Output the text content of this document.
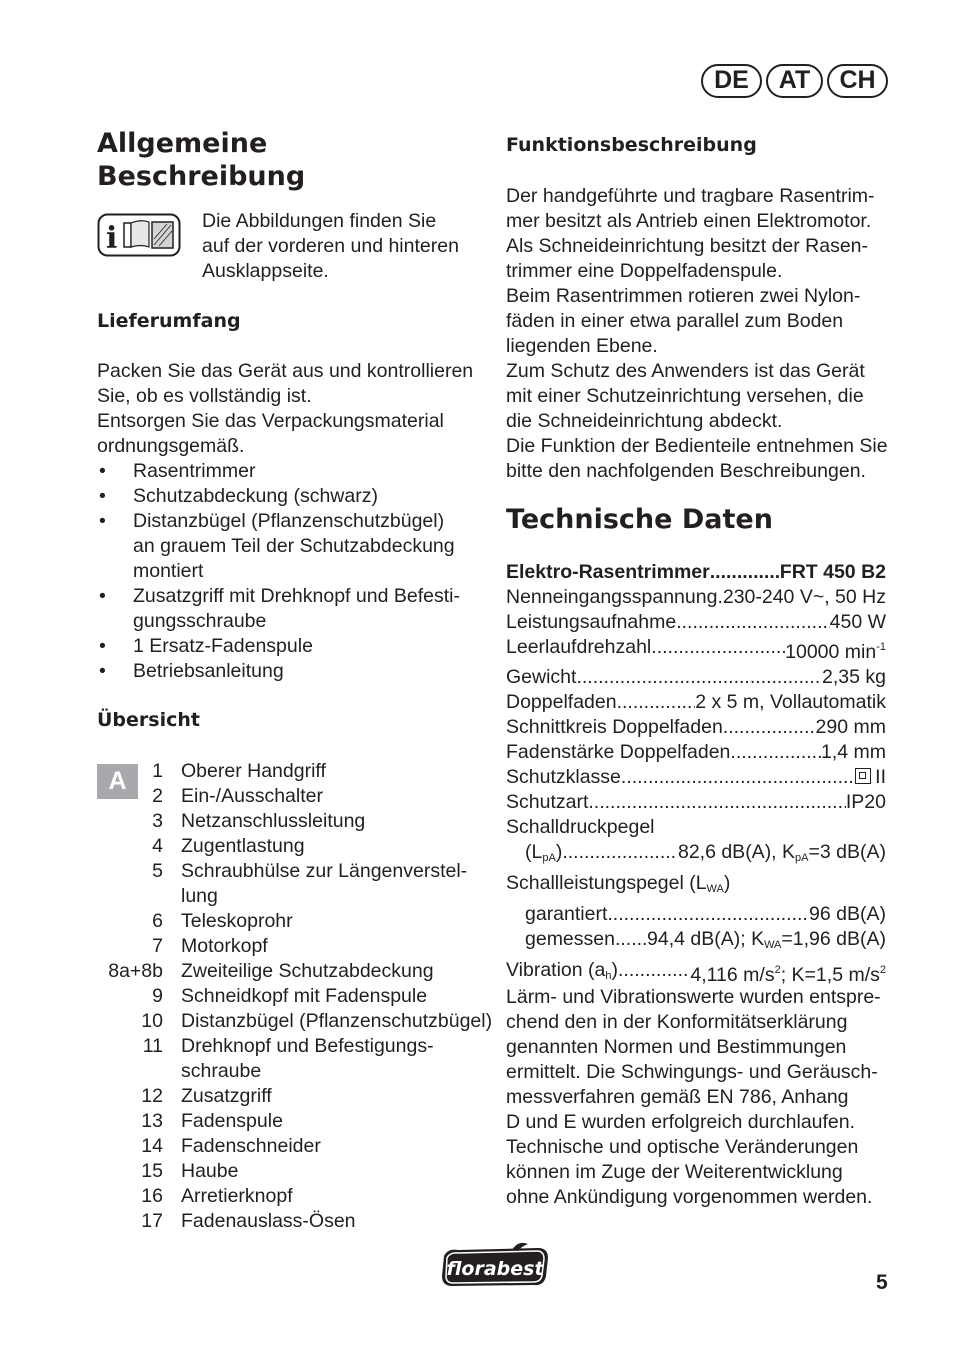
DE	AT	CH
Allgemeine
Beschreibung
i	Die Abbildungen finden Sie
auf der vorderen und hinteren
Ausklappseite.
Lieferumfang
Packen Sie das Gerät aus und kontrollieren
Sie, ob es vollständig ist.
Entsorgen Sie das Verpackungsmaterial
ordnungsgemäß.
• Rasentrimmer
• Schutzabdeckung (schwarz)
• Distanzbügel (Pflanzenschutzbügel)
an grauem Teil der Schutzabdeckung
montiert
• Zusatzgriff mit Drehknopf und Befesti-
gungsschraube
• 1 Ersatz-Fadenspule
• Betriebsanleitung
Übersicht
A	1 Oberer Handgriff
2 Ein-/Ausschalter
3 Netzanschlussleitung
4 Zugentlastung
5 Schraubhülse zur Längenverstel-
lung
6 Teleskoprohr
7 Motorkopf
8a+8b Zweiteilige Schutzabdeckung
9 Schneidkopf mit Fadenspule
10 Distanzbügel (Pflanzenschutzbügel)
11 Drehknopf und Befestigungs-
schraube
12 Zusatzgriff
13 Fadenspule
14 Fadenschneider
15 Haube
16 Arretierknopf
17 Fadenauslass-Ösen
Funktionsbeschreibung
Der handgeführte und tragbare Rasentrim-
mer besitzt als Antrieb einen Elektromotor.
Als Schneideinrichtung besitzt der Rasen-
trimmer eine Doppelfadenspule.
Beim Rasentrimmen rotieren zwei Nylon-
fäden in einer etwa parallel zum Boden
liegenden Ebene.
Zum Schutz des Anwenders ist das Gerät
mit einer Schutzeinrichtung versehen, die
die Schneideinrichtung abdeckt.
Die Funktion der Bedienteile entnehmen Sie
bitte den nachfolgenden Beschreibungen.
Technische Daten
Elektro-Rasentrimmer .....	FRT 450 B2
Nenneingangsspannung ..... 230-240 V~, 50 Hz
Leistungsaufnahme .....	450 W
Leerlaufdrehzahl .....	10000 $\min^{-1}$
Gewicht .....	2,35 kg
Doppelfaden .....	2 x 5 m, Vollautomatik
Schnittkreis Doppelfaden .....	290 mm
Fadenstärke Doppelfaden .....	1,4 mm
Schutzklasse .....	II
Schutzart .....	IP20
Schalldruckpegel
$(L_{pA})$ .....	82,6 dB(A), $K_{pA}=3$ dB(A)
Schallleistungspegel $(L_{WA})$
garantiert .....	96 dB(A)
gemessen ..... 94,4 dB(A); $K_{WA}=1,96$ dB(A)
Vibration $(a_h)$ .....	4,116 $m/s^2$; K=1,5 $m/s^2$
Lärm- und Vibrationswerte wurden entspre-
chend den in der Konformitätserklärung
genannten Normen und Bestimmungen
ermittelt. Die Schwingungs- und Geräusch-
messverfahren gemäß EN 786, Anhang
D und E wurden erfolgreich durchlaufen.
Technische und optische Veränderungen
können im Zuge der Weiterentwicklung
ohne Ankündigung vorgenommen werden.
florabest
5
